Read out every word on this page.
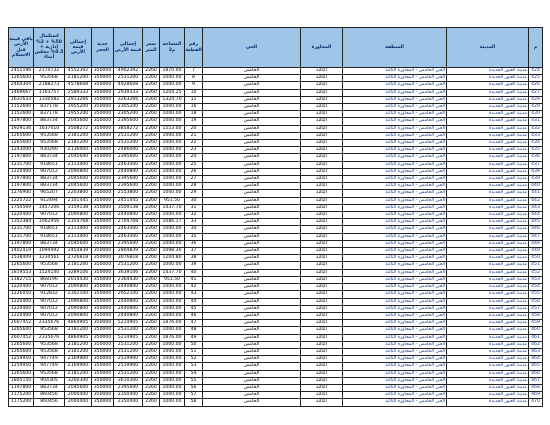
م	المدينة	المنطقة	المجاورة	الحي	رقم القطعة	المساحة م2	سعر المتر	إجمالي قيمة الأرض	جدية الحجز	إجمالي قيمة الأرض	استكمال 50% + 2% إدارية + 0.5% مجلس أمناء	باقي قيمة الأرض قبل الاستلام
424	مدينة العبور الجديدة	الحي الخامس - المجاورة الثالثة	الثالثة	الخامس	7	1870.00	2260	4902392	350000	4552392	2174732	2451196
425	مدينة العبور الجديدة	الحي الخامس - المجاورة الثالثة	الثالثة	الخامس	8	1000.00	2260	2531200	350000	2181200	953568	1265600
426	مدينة العبور الجديدة	الحي الخامس - المجاورة الثالثة	الثالثة	الخامس	9	1000.00	2260	4928608	350000	4578608	2188273	2464304
427	مدينة العبور الجديدة	الحي الخامس - المجاورة الثالثة	الثالثة	الخامس	10	1204.25	2260	2939333	350000	2589333	1163757	1469667
428	مدينة العبور الجديدة	الحي الخامس - المجاورة الثالثة	الثالثة	الخامس	11	1324.70	2260	3263266	350000	2913266	1330582	1631633
429	مدينة العبور الجديدة	الحي الخامس - المجاورة الثالثة	الثالثة	الخامس	16	1000.00	2260	2305200	350000	1955200	837178	1152600
430	مدينة العبور الجديدة	الحي الخامس - المجاورة الثالثة	الثالثة	الخامس	18	1000.00	2260	2305200	350000	1955200	837178	1152600
431	مدينة العبور الجديدة	الحي الخامس - المجاورة الثالثة	الثالثة	الخامس	19	1000.00	2260	2395600	350000	2045600	883734	1197800
432	مدينة العبور الجديدة	الحي الخامس - المجاورة الثالثة	الثالثة	الخامس	20	1553.00	2260	3858272	350000	3508272	1637010	1929136
433	مدينة العبور الجديدة	الحي الخامس - المجاورة الثالثة	الثالثة	الخامس	21	1000.00	2260	2531200	350000	2181200	953568	1265600
434	مدينة العبور الجديدة	الحي الخامس - المجاورة الثالثة	الثالثة	الخامس	22	1000.00	2260	2531200	350000	2181200	953568	1265600
435	مدينة العبور الجديدة	الحي الخامس - المجاورة الثالثة	الثالثة	الخامس	23	1000.00	2260	2486000	350000	2136000	930290	1243000
436	مدينة العبور الجديدة	الحي الخامس - المجاورة الثالثة	الثالثة	الخامس	24	1000.00	2260	2395600	350000	2045600	883734	1197800
437	مدينة العبور الجديدة	الحي الخامس - المجاورة الثالثة	الثالثة	الخامس	25	1000.00	2260	2463400	350000	2113400	918651	1231700
438	مدينة العبور الجديدة	الحي الخامس - المجاورة الثالثة	الثالثة	الخامس	26	1000.00	2260	2440800	350000	2090800	907012	1220400
439	مدينة العبور الجديدة	الحي الخامس - المجاورة الثالثة	الثالثة	الخامس	27	1000.00	2260	2395600	350000	2045600	883734	1197800
440	مدينة العبور الجديدة	الحي الخامس - المجاورة الثالثة	الثالثة	الخامس	28	1000.00	2260	2395600	350000	2045600	883734	1197800
441	مدينة العبور الجديدة	الحي الخامس - المجاورة الثالثة	الثالثة	الخامس	29	1000.00	2260	2553800	350000	2203800	965207	1276900
442	مدينة العبور الجديدة	الحي الخامس - المجاورة الثالثة	الثالثة	الخامس	30	951.50	2260	2451445	350000	2101445	912494	1225722
443	مدينة العبور الجديدة	الحي الخامس - المجاورة الثالثة	الثالثة	الخامس	31	1437.70	2260	3509138	350000	3159138	1457206	1754569
444	مدينة العبور الجديدة	الحي الخامس - المجاورة الثالثة	الثالثة	الخامس	32	1000.00	2260	2440800	350000	2090800	907012	1220400
445	مدينة العبور الجديدة	الحي الخامس - المجاورة الثالثة	الثالثة	الخامس	33	1086.17	2260	2704768	350000	2354768	1062956	1352384
446	مدينة العبور الجديدة	الحي الخامس - المجاورة الثالثة	الثالثة	الخامس	34	1000.00	2260	2463400	350000	2113400	918651	1231700
447	مدينة العبور الجديدة	الحي الخامس - المجاورة الثالثة	الثالثة	الخامس	35	1000.00	2260	2463400	350000	2113400	918651	1231700
448	مدينة العبور الجديدة	الحي الخامس - المجاورة الثالثة	الثالثة	الخامس	36	1000.00	2260	2395600	350000	2045600	883734	1197800
449	مدينة العبور الجديدة	الحي الخامس - المجاورة الثالثة	الثالثة	الخامس	37	1098.30	2260	2804839	350000	2454839	1094492	1402419
450	مدينة العبور الجديدة	الحي الخامس - المجاورة الثالثة	الثالثة	الخامس	38	1204.80	2260	3076818	350000	2726818	1234561	1538409
451	مدينة العبور الجديدة	الحي الخامس - المجاورة الثالثة	الثالثة	الخامس	39	1000.00	2260	2531200	350000	2181200	953568	1265600
452	مدينة العبور الجديدة	الحي الخامس - المجاورة الثالثة	الثالثة	الخامس	40	1437.70	2260	3639106	350000	3289106	1524140	1819553
453	مدينة العبور الجديدة	الحي الخامس - المجاورة الثالثة	الثالثة	الخامس	41	951.50	2260	2364430	350000	2014430	868196	1182715
454	مدينة العبور الجديدة	الحي الخامس - المجاورة الثالثة	الثالثة	الخامس	42	1000.00	2260	2440800	350000	2090800	907012	1220400
455	مدينة العبور الجديدة	الحي الخامس - المجاورة الثالثة	الثالثة	الخامس	43	1000.00	2260	2652100	350000	2302100	912832	1226050
456	مدينة العبور الجديدة	الحي الخامس - المجاورة الثالثة	الثالثة	الخامس	44	1000.00	2260	2440800	350000	2090800	907012	1220400
457	مدينة العبور الجديدة	الحي الخامس - المجاورة الثالثة	الثالثة	الخامس	45	1000.00	2260	2440800	350000	2090800	907012	1220400
458	مدينة العبور الجديدة	الحي الخامس - المجاورة الثالثة	الثالثة	الخامس	46	1000.00	2260	2440800	350000	2090800	907012	1220400
459	مدينة العبور الجديدة	الحي الخامس - المجاورة الثالثة	الثالثة	الخامس	47	1876.00	2260	5214905	350000	4864905	2335676	2607452
460	مدينة العبور الجديدة	الحي الخامس - المجاورة الثالثة	الثالثة	الخامس	48	1000.00	2260	2531200	350000	2181200	953568	1265600
461	مدينة العبور الجديدة	الحي الخامس - المجاورة الثالثة	الثالثة	الخامس	49	1876.00	2260	5214905	350000	4864905	2335676	2607452
462	مدينة العبور الجديدة	الحي الخامس - المجاورة الثالثة	الثالثة	الخامس	50	1000.00	2260	2531200	350000	2181200	953568	1265600
463	مدينة العبور الجديدة	الحي الخامس - المجاورة الثالثة	الثالثة	الخامس	51	1000.00	2260	2531200	350000	2181200	953568	1265600
464	مدينة العبور الجديدة	الحي الخامس - المجاورة الثالثة	الثالثة	الخامس	52	1000.00	2260	2519900	350000	2169900	947749	1259950
465	مدينة العبور الجديدة	الحي الخامس - المجاورة الثالثة	الثالثة	الخامس	53	1000.00	2260	2519900	350000	2169900	947749	1259950
466	مدينة العبور الجديدة	الحي الخامس - المجاورة الثالثة	الثالثة	الخامس	54	1000.00	2260	2531200	350000	2181200	953568	1265600
467	مدينة العبور الجديدة	الحي الخامس - المجاورة الثالثة	الثالثة	الخامس	55	1000.00	2260	3610300	350000	3260300	904305	1805150
468	مدينة العبور الجديدة	الحي الخامس - المجاورة الثالثة	الثالثة	الخامس	56	1000.00	2260	2395600	350000	2045600	883734	1197800
469	مدينة العبور الجديدة	الحي الخامس - المجاورة الثالثة	الثالثة	الخامس	57	1000.00	2260	2350400	350000	2000400	860456	1175200
470	مدينة العبور الجديدة	الحي الخامس - المجاورة الثالثة	الثالثة	الخامس	58	1000.00	2260	2350400	350000	2000400	860456	1175200
